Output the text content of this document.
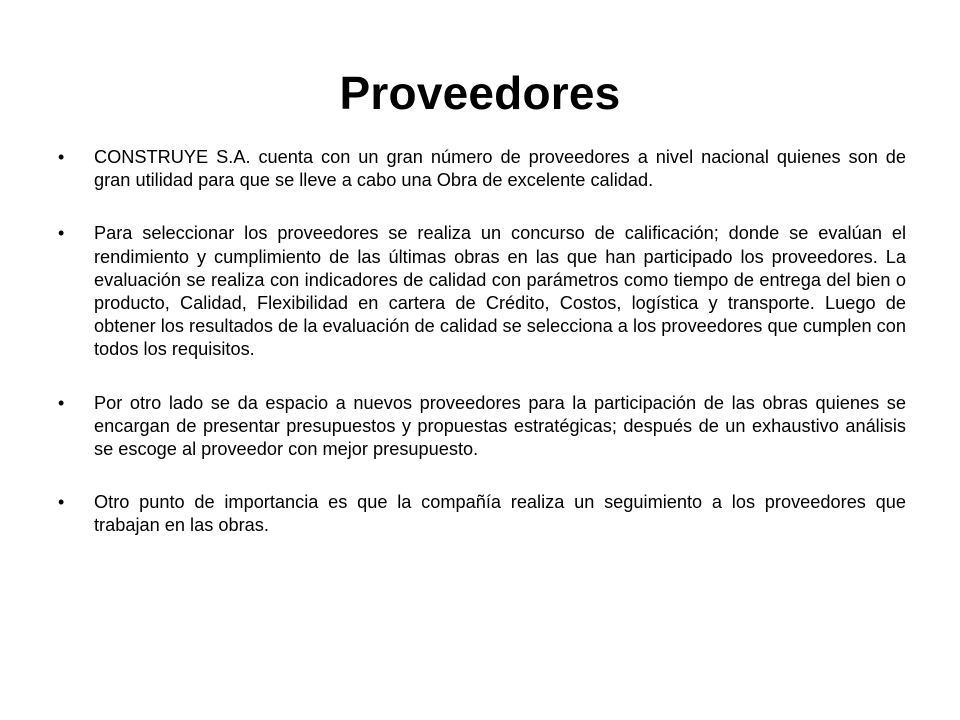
Proveedores
• CONSTRUYE S.A. cuenta con un gran número de proveedores a nivel nacional quienes son de gran utilidad para que se lleve a cabo una Obra de excelente calidad.
• Para seleccionar los proveedores se realiza un concurso de calificación; donde se evalúan el rendimiento y cumplimiento de las últimas obras en las que han participado los proveedores. La evaluación se realiza con indicadores de calidad con parámetros como tiempo de entrega del bien o producto, Calidad, Flexibilidad en cartera de Crédito, Costos, logística y transporte. Luego de obtener los resultados de la evaluación de calidad se selecciona a los proveedores que cumplen con todos los requisitos.
• Por otro lado se da espacio a nuevos proveedores para la participación de las obras quienes se encargan de presentar presupuestos y propuestas estratégicas; después de un exhaustivo análisis se escoge al proveedor con mejor presupuesto.
• Otro punto de importancia es que la compañía realiza un seguimiento a los proveedores que trabajan en las obras.
